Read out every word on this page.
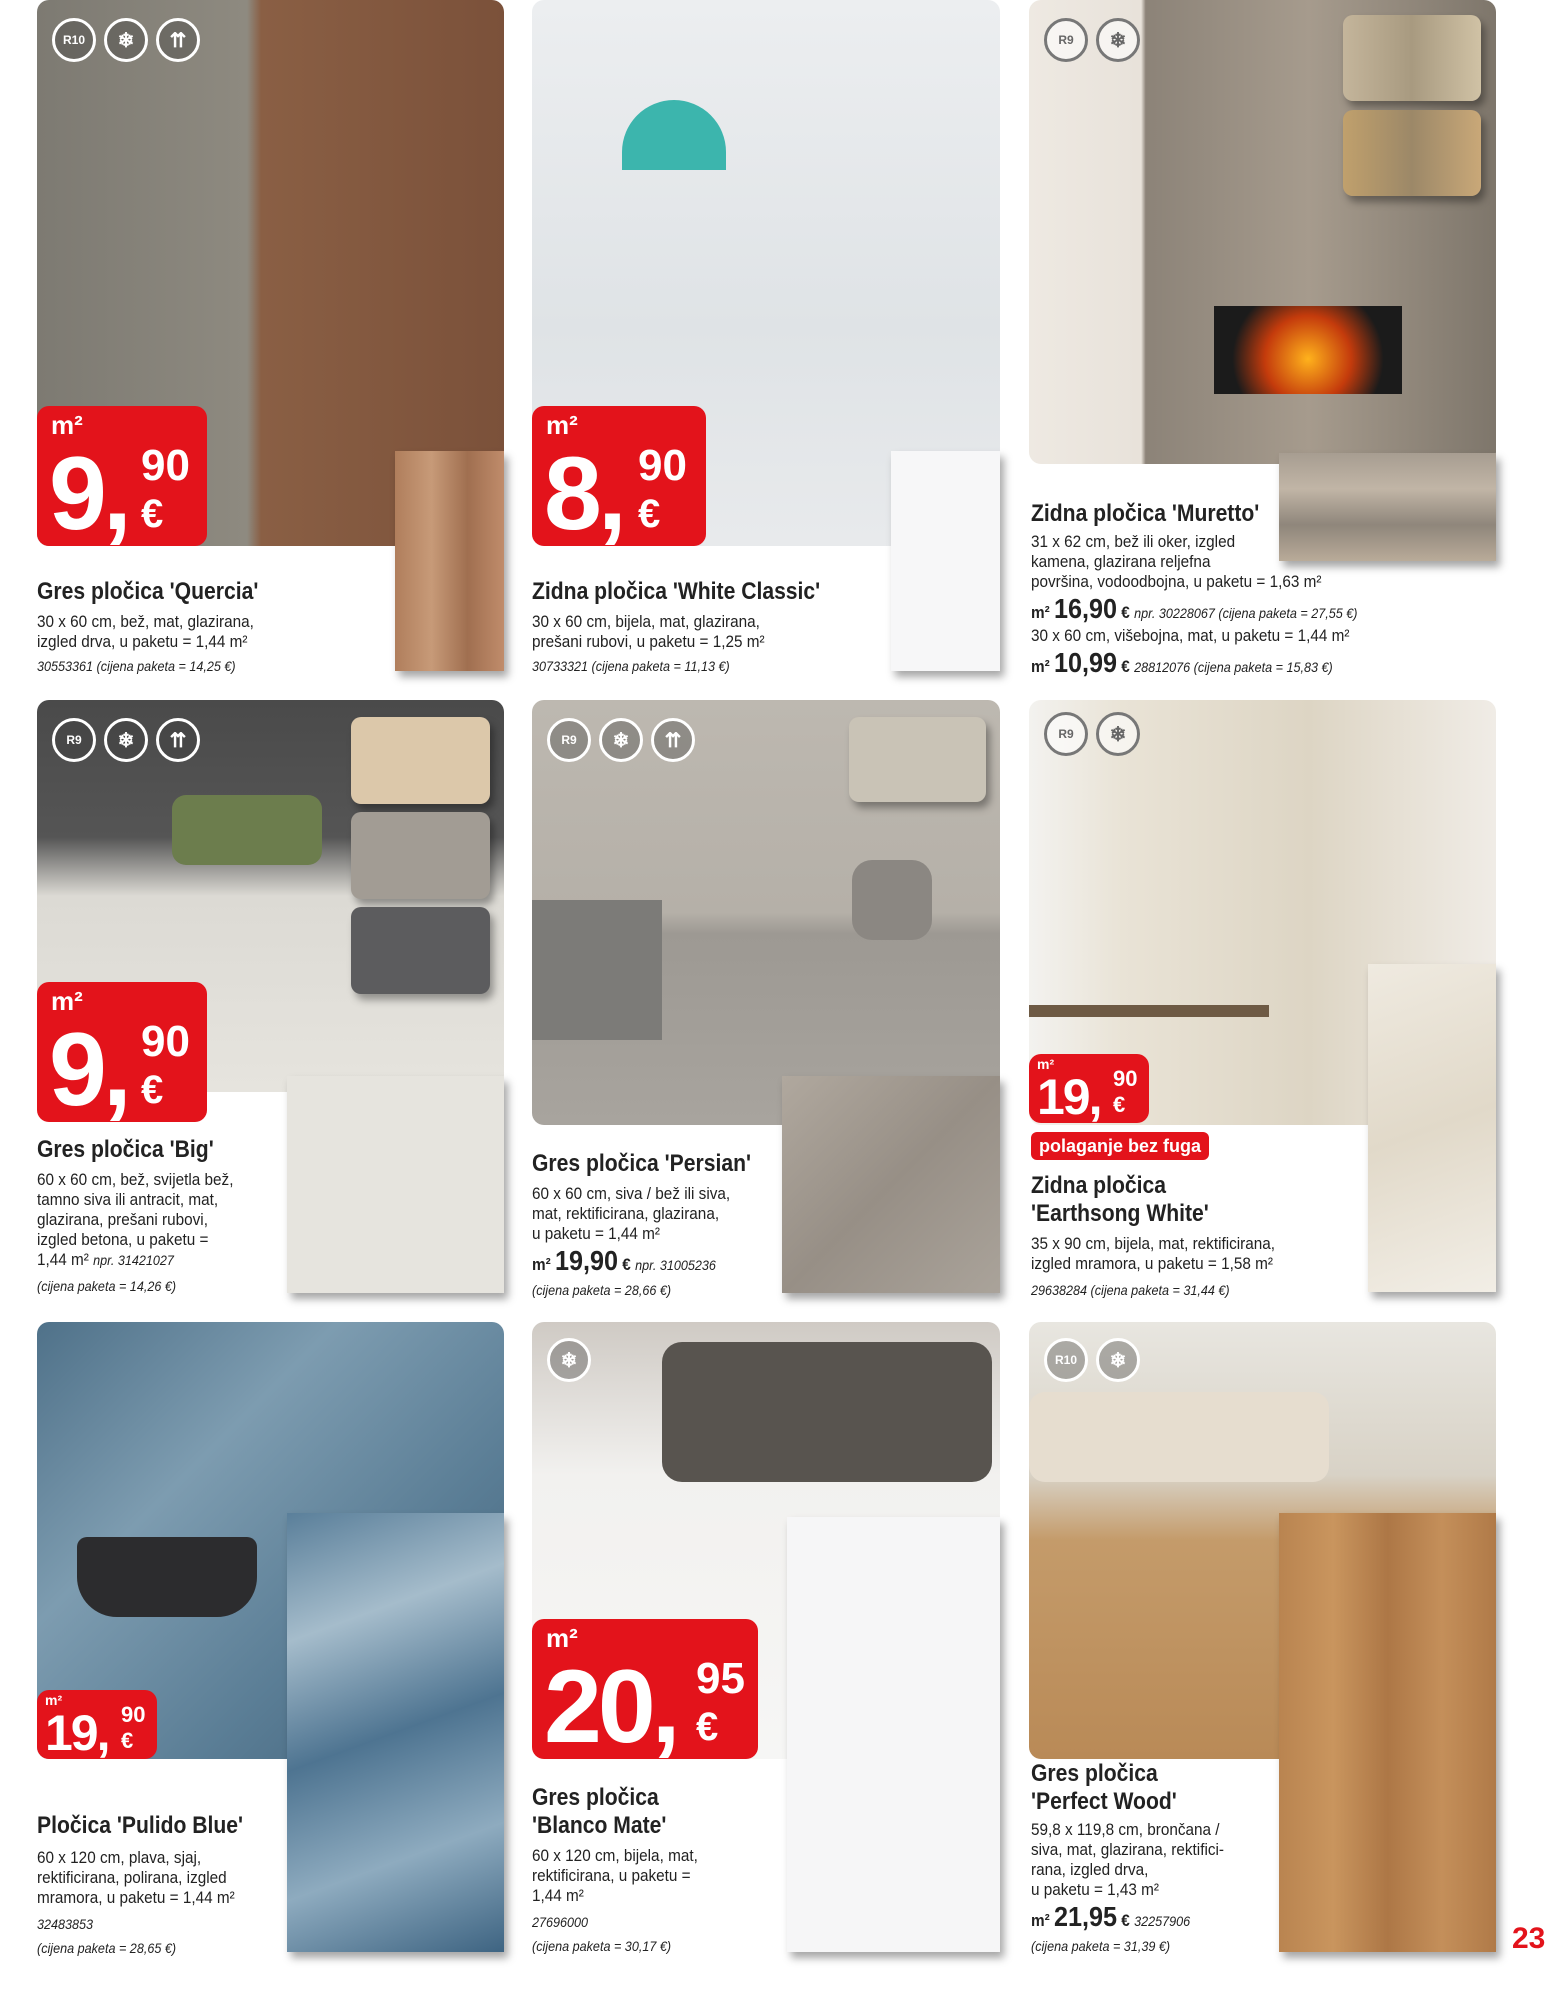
R10	❄	⇈
m²
9, 90
€
Gres pločica 'Quercia'
30 x 60 cm, bež, mat, glazirana,
izgled drva, u paketu = 1,44 m²
30553361 (cijena paketa = 14,25 €)
m²
8, 90
€
Zidna pločica 'White Classic'
30 x 60 cm, bijela, mat, glazirana,
prešani rubovi, u paketu = 1,25 m²
30733321 (cijena paketa = 11,13 €)
R9	❄
Zidna pločica 'Muretto'
31 x 62 cm, bež ili oker, izgled
kamena, glazirana reljefna
površina, vodoodbojna, u paketu = 1,63 m²
m² 16,90 € npr. 30228067 (cijena paketa = 27,55 €)
30 x 60 cm, višebojna, mat, u paketu = 1,44 m²
m² 10,99 € 28812076 (cijena paketa = 15,83 €)
R9	❄	⇈
m²
9, 90
€
Gres pločica 'Big'
60 x 60 cm, bež, svijetla bež,
tamno siva ili antracit, mat,
glazirana, prešani rubovi,
izgled betona, u paketu =
1,44 m² npr. 31421027
(cijena paketa = 14,26 €)
R9	❄	⇈
Gres pločica 'Persian'
60 x 60 cm, siva / bež ili siva,
mat, rektificirana, glazirana,
u paketu = 1,44 m²
m² 19,90 € npr. 31005236
(cijena paketa = 28,66 €)
R9	❄
m²
19, 90
€
polaganje bez fuga
Zidna pločica
'Earthsong White'
35 x 90 cm, bijela, mat, rektificirana,
izgled mramora, u paketu = 1,58 m²
29638284 (cijena paketa = 31,44 €)
m²
19, 90
€
Pločica 'Pulido Blue'
60 x 120 cm, plava, sjaj,
rektificirana, polirana, izgled
mramora, u paketu = 1,44 m²
32483853
(cijena paketa = 28,65 €)
❄
m²
20, 95
€
Gres pločica
'Blanco Mate'
60 x 120 cm, bijela, mat,
rektificirana, u paketu =
1,44 m²
27696000
(cijena paketa = 30,17 €)
R10	❄
Gres pločica
'Perfect Wood'
59,8 x 119,8 cm, brončana /
siva, mat, glazirana, rektifici-
rana, izgled drva,
u paketu = 1,43 m²
m² 21,95 € 32257906
(cijena paketa = 31,39 €)	23
